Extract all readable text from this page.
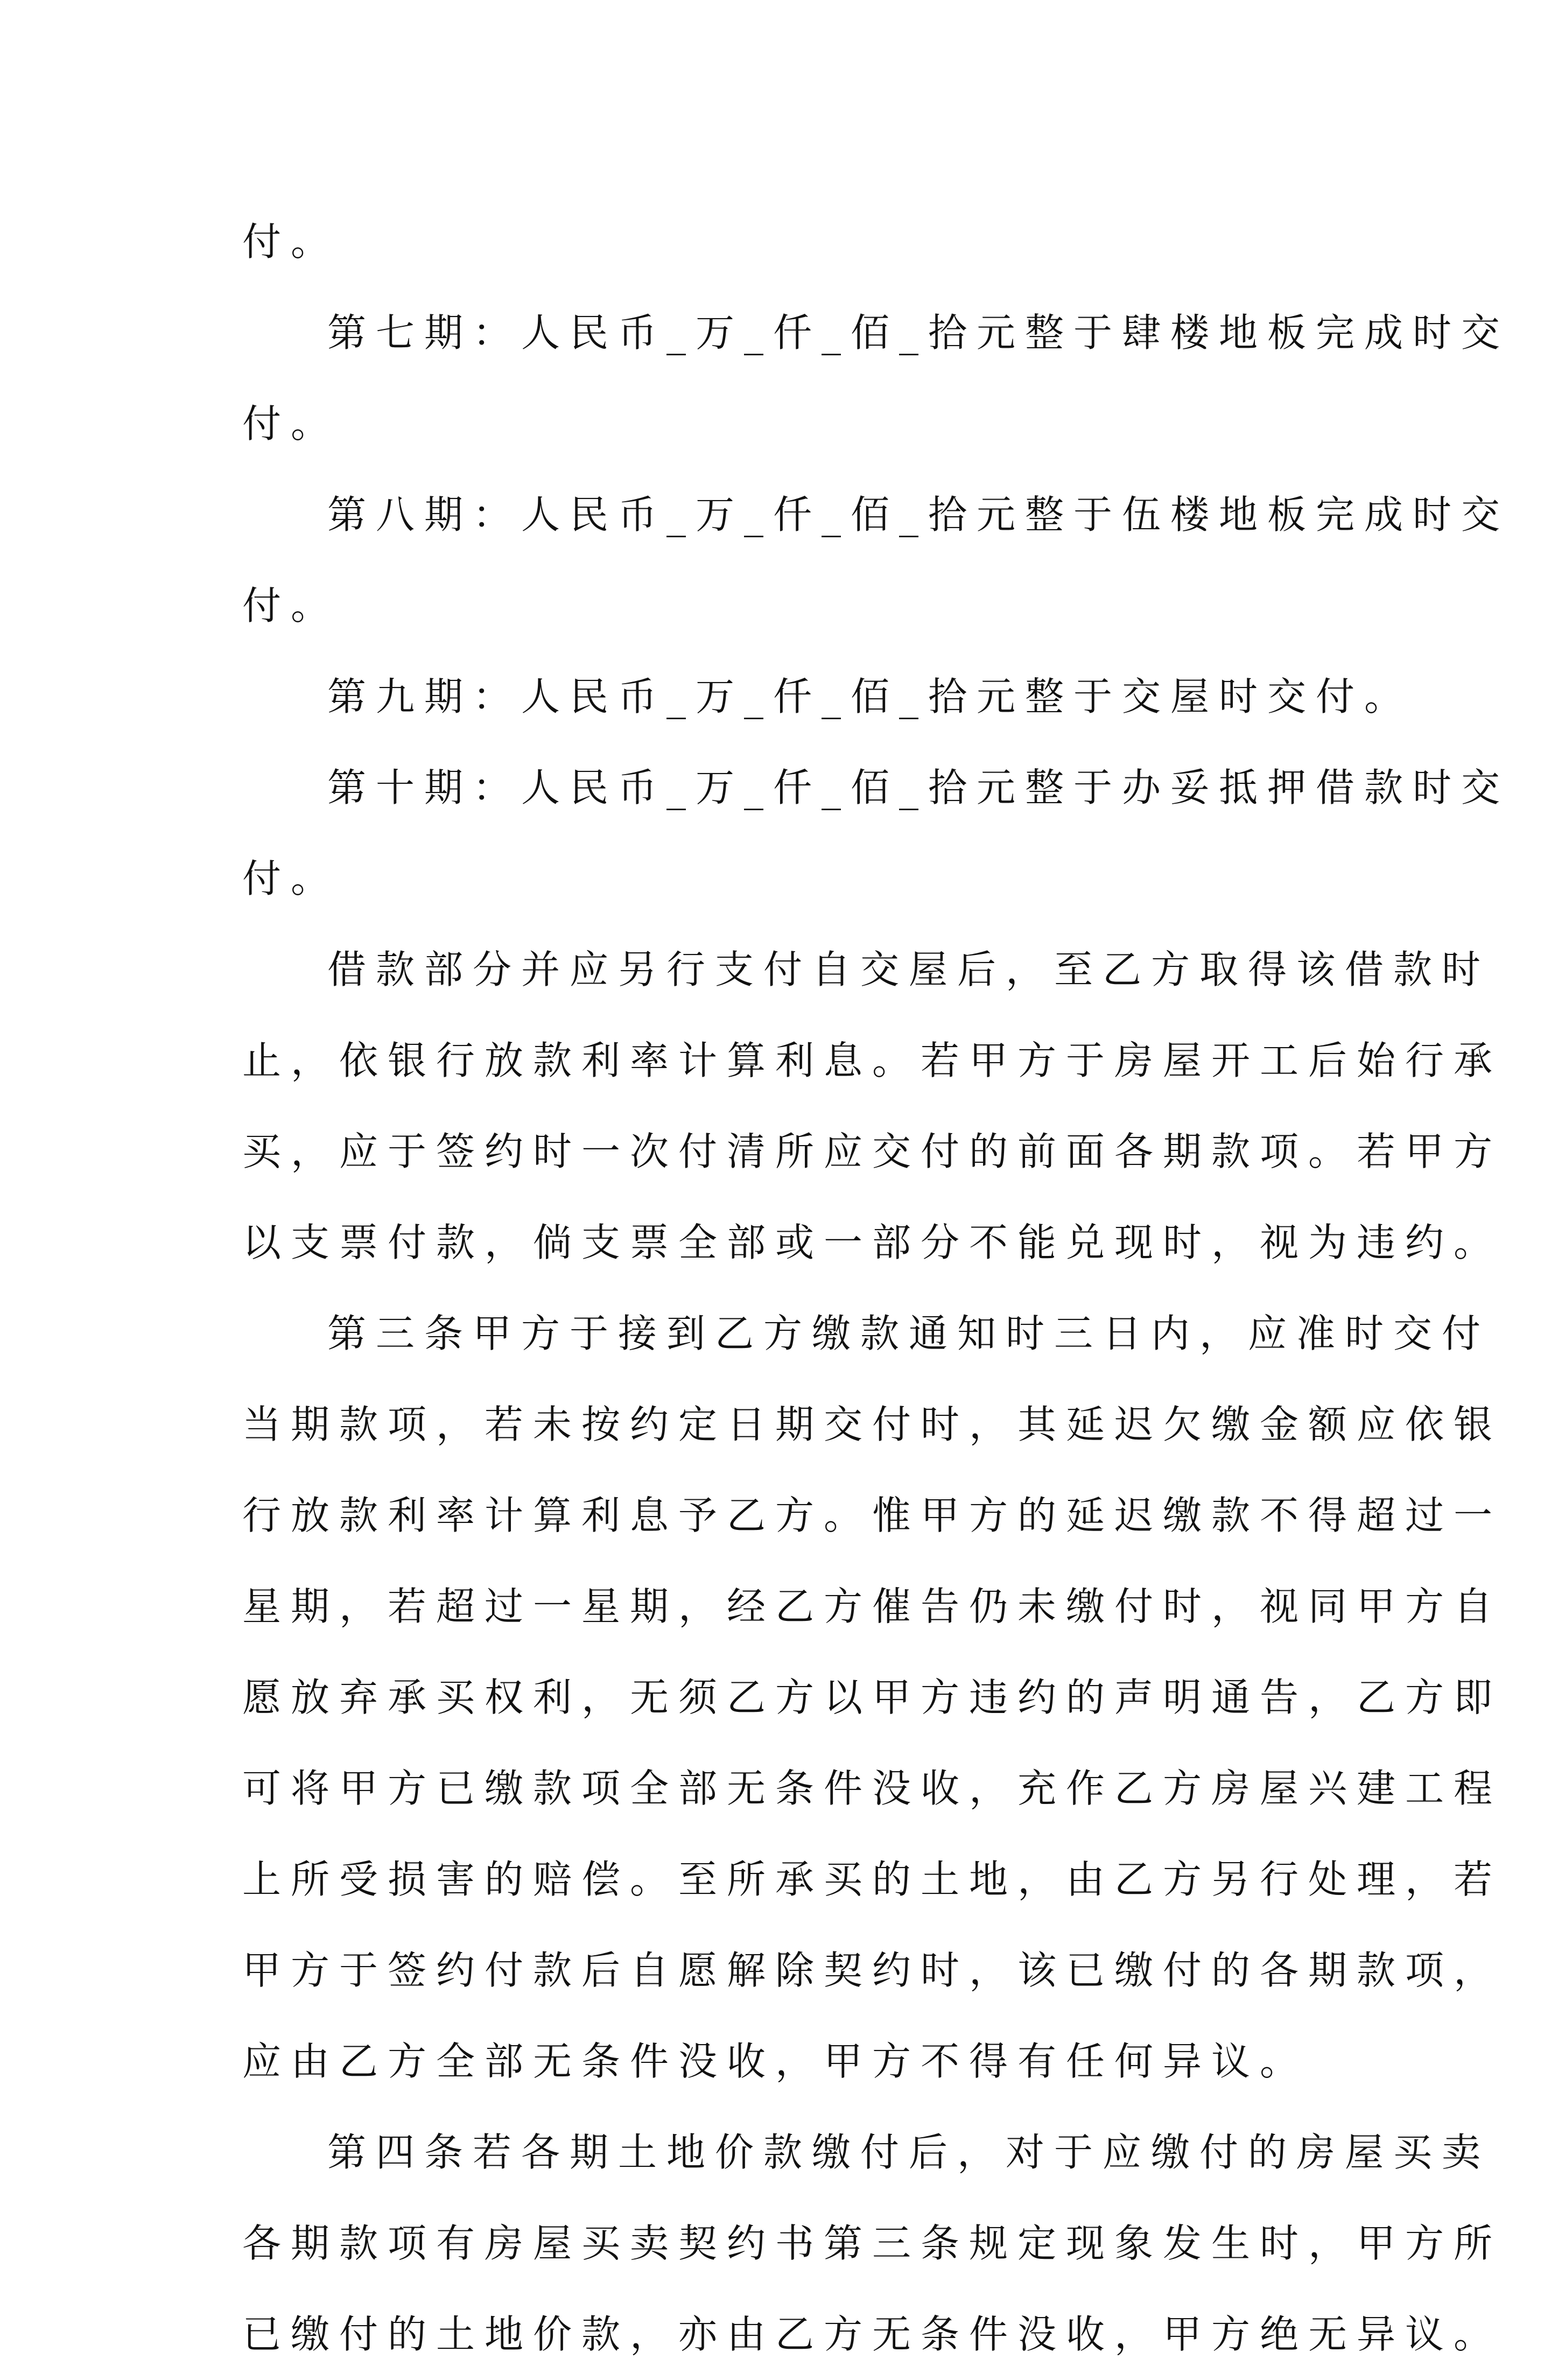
付。
第七期：人民币_万_仟_佰_拾元整于肆楼地板完成时交
付。
第八期：人民币_万_仟_佰_拾元整于伍楼地板完成时交
付。
第九期：人民币_万_仟_佰_拾元整于交屋时交付。
第十期：人民币_万_仟_佰_拾元整于办妥抵押借款时交
付。
借款部分并应另行支付自交屋后，至乙方取得该借款时
止，依银行放款利率计算利息。若甲方于房屋开工后始行承
买，应于签约时一次付清所应交付的前面各期款项。若甲方
以支票付款，倘支票全部或一部分不能兑现时，视为违约。
第三条甲方于接到乙方缴款通知时三日内，应准时交付
当期款项，若未按约定日期交付时，其延迟欠缴金额应依银
行放款利率计算利息予乙方。惟甲方的延迟缴款不得超过一
星期，若超过一星期，经乙方催告仍未缴付时，视同甲方自
愿放弃承买权利，无须乙方以甲方违约的声明通告，乙方即
可将甲方已缴款项全部无条件没收，充作乙方房屋兴建工程
上所受损害的赔偿。至所承买的土地，由乙方另行处理，若
甲方于签约付款后自愿解除契约时，该已缴付的各期款项，
应由乙方全部无条件没收，甲方不得有任何异议。
第四条若各期土地价款缴付后，对于应缴付的房屋买卖
各期款项有房屋买卖契约书第三条规定现象发生时，甲方所
已缴付的土地价款，亦由乙方无条件没收，甲方绝无异议。
